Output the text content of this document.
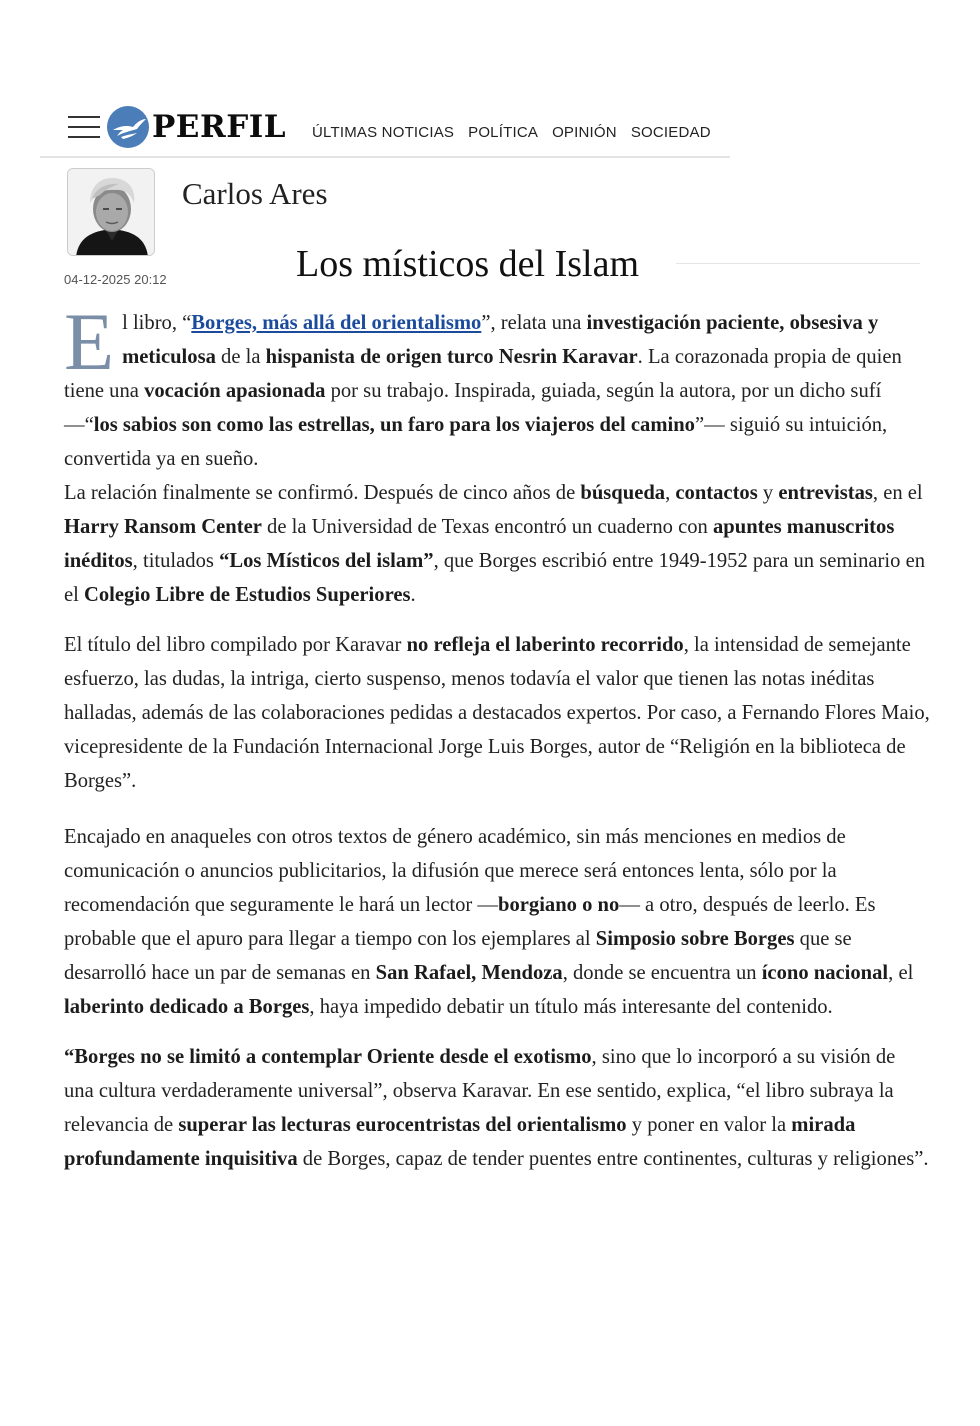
PERFIL ÚLTIMAS NOTICIAS POLÍTICA OPINIÓN SOCIEDAD
Carlos Ares
04-12-2025 20:12	Los místicos del Islam

El libro, “Borges, más allá del orientalismo”, relata una investigación paciente, obsesiva y meticulosa de la hispanista de origen turco Nesrin Karavar. La corazonada propia de quien tiene una vocación apasionada por su trabajo. Inspirada, guiada, según la autora, por un dicho sufí —“los sabios son como las estrellas, un faro para los viajeros del camino”— siguió su intuición, convertida ya en sueño.

La relación finalmente se confirmó. Después de cinco años de búsqueda, contactos y entrevistas, en el Harry Ransom Center de la Universidad de Texas encontró un cuaderno con apuntes manuscritos inéditos, titulados “Los Místicos del islam”, que Borges escribió entre 1949-1952 para un seminario en el Colegio Libre de Estudios Superiores.

El título del libro compilado por Karavar no refleja el laberinto recorrido, la intensidad de semejante esfuerzo, las dudas, la intriga, cierto suspenso, menos todavía el valor que tienen las notas inéditas halladas, además de las colaboraciones pedidas a destacados expertos. Por caso, a Fernando Flores Maio, vicepresidente de la Fundación Internacional Jorge Luis Borges, autor de “Religión en la biblioteca de Borges”.

Encajado en anaqueles con otros textos de género académico, sin más menciones en medios de comunicación o anuncios publicitarios, la difusión que merece será entonces lenta, sólo por la recomendación que seguramente le hará un lector —borgiano o no— a otro, después de leerlo. Es probable que el apuro para llegar a tiempo con los ejemplares al Simposio sobre Borges que se desarrolló hace un par de semanas en San Rafael, Mendoza, donde se encuentra un ícono nacional, el laberinto dedicado a Borges, haya impedido debatir un título más interesante del contenido.

“Borges no se limitó a contemplar Oriente desde el exotismo, sino que lo incorporó a su visión de una cultura verdaderamente universal”, observa Karavar. En ese sentido, explica, “el libro subraya la relevancia de superar las lecturas eurocentristas del orientalismo y poner en valor la mirada profundamente inquisitiva de Borges, capaz de tender puentes entre continentes, culturas y religiones”.
